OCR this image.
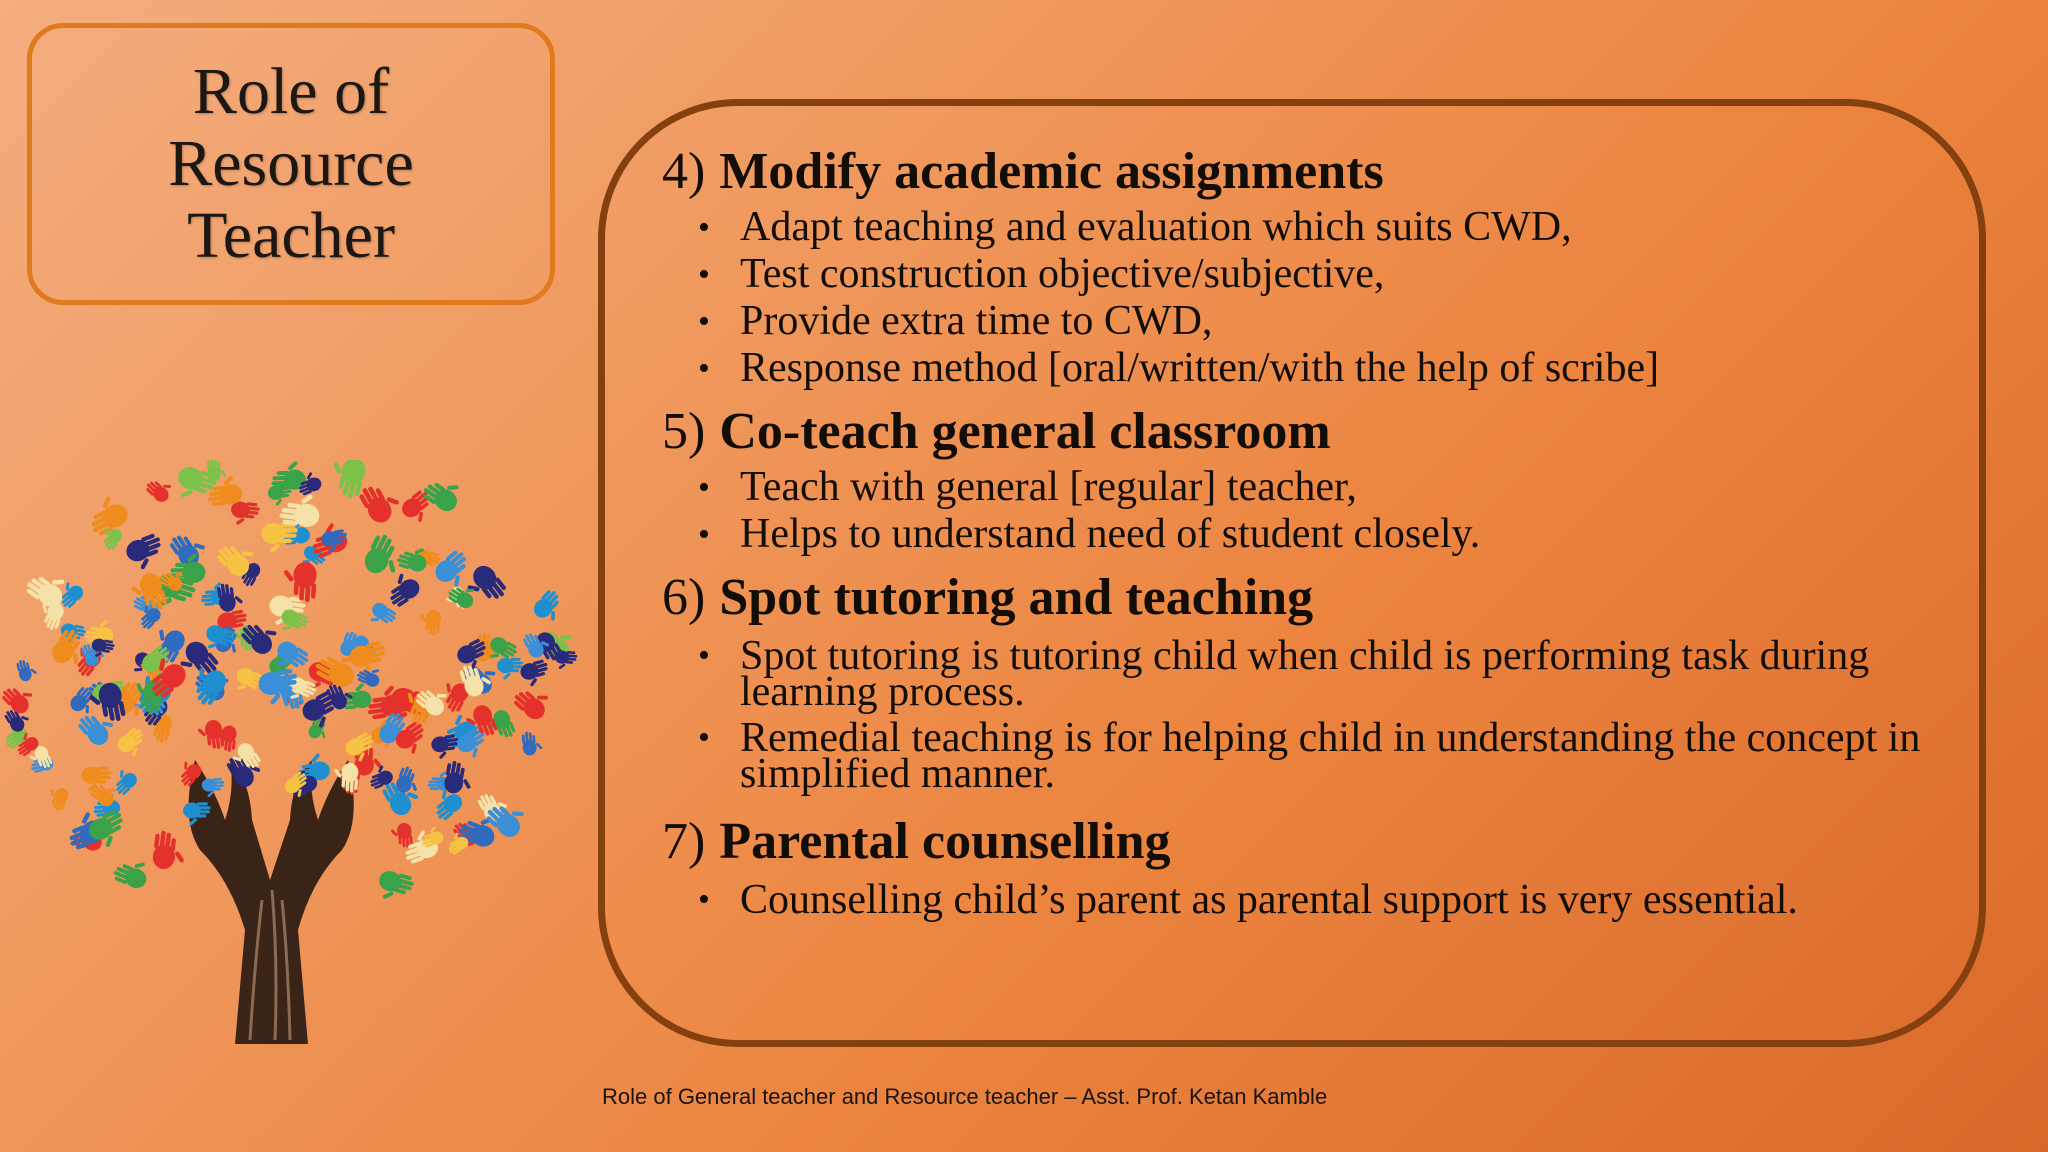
Role of
Resource
Teacher
4) Modify academic assignments
• Adapt teaching and evaluation which suits CWD,
• Test construction objective/subjective,
• Provide extra time to CWD,
• Response method [oral/written/with the help of scribe]
5) Co-teach general classroom
• Teach with general [regular] teacher,
• Helps to understand need of student closely.
6) Spot tutoring and teaching
• Spot tutoring is tutoring child when child is performing task during learning process.
• Remedial teaching is for helping child in understanding the concept in simplified manner.
7) Parental counselling
• Counselling child’s parent as parental support is very essential.
Role of General teacher and Resource teacher – Asst. Prof. Ketan Kamble
